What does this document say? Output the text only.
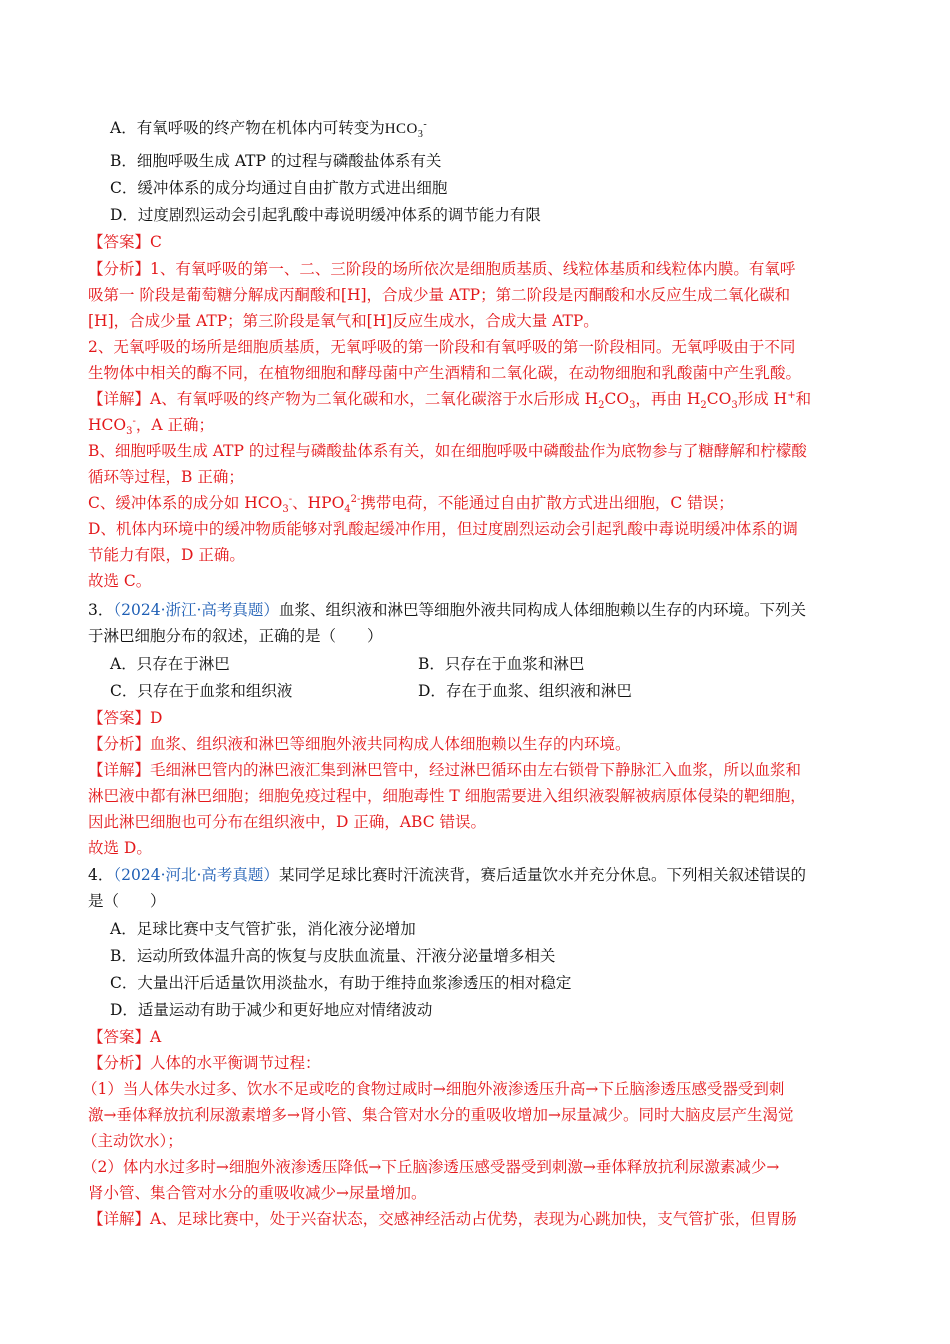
A．有氧呼吸的终产物在机体内可转变为$HCO_3^-$
B．细胞呼吸生成 ATP 的过程与磷酸盐体系有关
C．缓冲体系的成分均通过自由扩散方式进出细胞
D．过度剧烈运动会引起乳酸中毒说明缓冲体系的调节能力有限
【答案】C
【分析】1、有氧呼吸的第一、二、三阶段的场所依次是细胞质基质、线粒体基质和线粒体内膜。有氧呼
吸第一 阶段是葡萄糖分解成丙酮酸和[H]，合成少量 ATP；第二阶段是丙酮酸和水反应生成二氧化碳和
[H]，合成少量 ATP；第三阶段是氧气和[H]反应生成水，合成大量 ATP。
2、无氧呼吸的场所是细胞质基质，无氧呼吸的第一阶段和有氧呼吸的第一阶段相同。无氧呼吸由于不同
生物体中相关的酶不同，在植物细胞和酵母菌中产生酒精和二氧化碳，在动物细胞和乳酸菌中产生乳酸。
【详解】A、有氧呼吸的终产物为二氧化碳和水，二氧化碳溶于水后形成 $H_2CO_3$，再由 $H_2CO_3$形成 H+和
$HCO_3^-$，A 正确；
B、细胞呼吸生成 ATP 的过程与磷酸盐体系有关，如在细胞呼吸中磷酸盐作为底物参与了糖酵解和柠檬酸
循环等过程，B 正确；
C、缓冲体系的成分如 $HCO_3^-$、$HPO_4^{2-}$携带电荷，不能通过自由扩散方式进出细胞，C 错误；
D、机体内环境中的缓冲物质能够对乳酸起缓冲作用，但过度剧烈运动会引起乳酸中毒说明缓冲体系的调
节能力有限，D 正确。
故选 C。
3．（2024·浙江·高考真题）血浆、组织液和淋巴等细胞外液共同构成人体细胞赖以生存的内环境。下列关
于淋巴细胞分布的叙述，正确的是（　　）
A．只存在于淋巴	B．只存在于血浆和淋巴
C．只存在于血浆和组织液	D．存在于血浆、组织液和淋巴
【答案】D
【分析】血浆、组织液和淋巴等细胞外液共同构成人体细胞赖以生存的内环境。
【详解】毛细淋巴管内的淋巴液汇集到淋巴管中，经过淋巴循环由左右锁骨下静脉汇入血浆，所以血浆和
淋巴液中都有淋巴细胞；细胞免疫过程中，细胞毒性 T 细胞需要进入组织液裂解被病原体侵染的靶细胞，
因此淋巴细胞也可分布在组织液中，D 正确，ABC 错误。
故选 D。
4．（2024·河北·高考真题）某同学足球比赛时汗流浃背，赛后适量饮水并充分休息。下列相关叙述错误的
是（　　）
A．足球比赛中支气管扩张，消化液分泌增加
B．运动所致体温升高的恢复与皮肤血流量、汗液分泌量增多相关
C．大量出汗后适量饮用淡盐水，有助于维持血浆渗透压的相对稳定
D．适量运动有助于减少和更好地应对情绪波动
【答案】A
【分析】人体的水平衡调节过程：
（1）当人体失水过多、饮水不足或吃的食物过咸时→细胞外液渗透压升高→下丘脑渗透压感受器受到刺
激→垂体释放抗利尿激素增多→肾小管、集合管对水分的重吸收增加→尿量减少。同时大脑皮层产生渴觉
（主动饮水）；
（2）体内水过多时→细胞外液渗透压降低→下丘脑渗透压感受器受到刺激→垂体释放抗利尿激素减少→
肾小管、集合管对水分的重吸收减少→尿量增加。
【详解】A、足球比赛中，处于兴奋状态，交感神经活动占优势，表现为心跳加快，支气管扩张，但胃肠
